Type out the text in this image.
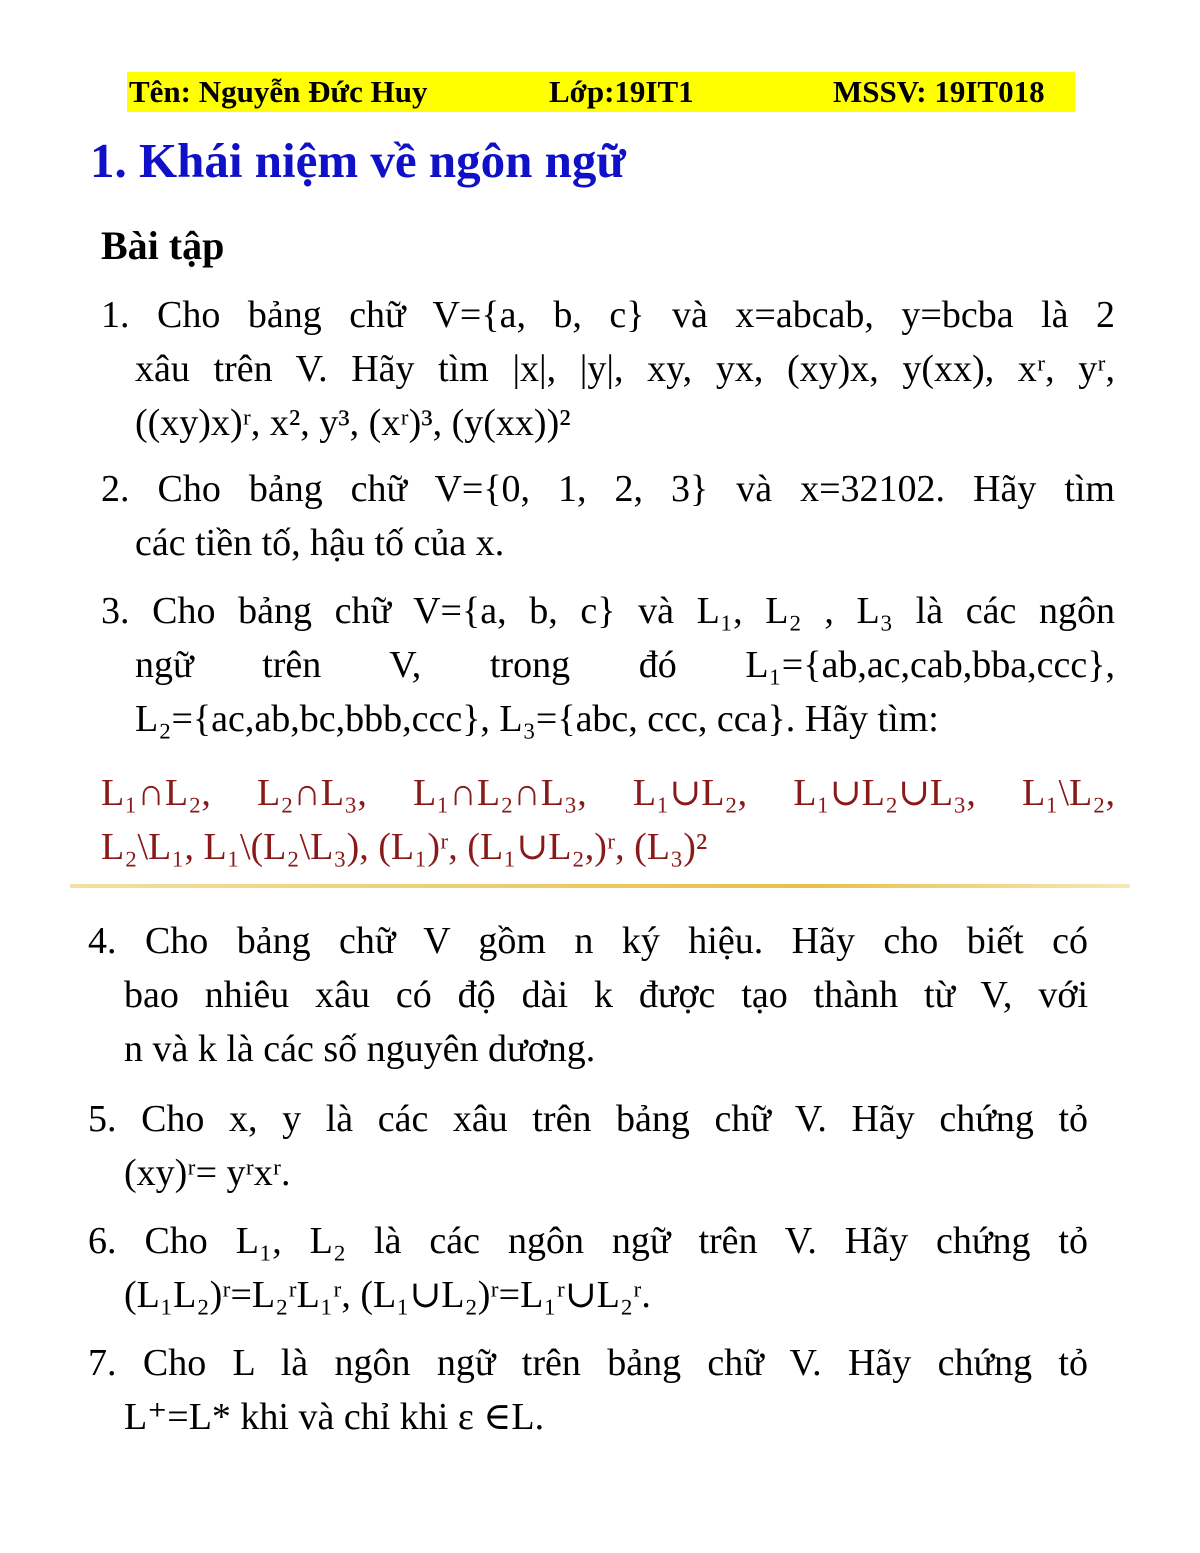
Tên: Nguyễn Đức Huy	Lớp:19IT1	MSSV: 19IT018
1. Khái niệm về ngôn ngữ
Bài tập
1. Cho bảng chữ V={a, b, c} và x=abcab, y=bcba là 2
xâu trên V. Hãy tìm |x|, |y|, xy, yx, (xy)x, y(xx), xʳ, yʳ,
((xy)x)ʳ, x², y³, (xʳ)³, (y(xx))²
2. Cho bảng chữ V={0, 1, 2, 3} và x=32102. Hãy tìm
các tiền tố, hậu tố của x.
3. Cho bảng chữ V={a, b, c} và L₁, L₂ , L₃ là các ngôn
ngữ trên V, trong đó L₁={ab,ac,cab,bba,ccc},
L₂={ac,ab,bc,bbb,ccc}, L₃={abc, ccc, cca}. Hãy tìm:
L₁∩L₂, L₂∩L₃, L₁∩L₂∩L₃, L₁∪L₂, L₁∪L₂∪L₃, L₁\L₂,
L₂\L₁, L₁\(L₂\L₃), (L₁)ʳ, (L₁∪L₂,)ʳ, (L₃)²
4. Cho bảng chữ V gồm n ký hiệu. Hãy cho biết có
bao nhiêu xâu có độ dài k được tạo thành từ V, với
n và k là các số nguyên dương.
5. Cho x, y là các xâu trên bảng chữ V. Hãy chứng tỏ
(xy)ʳ= yʳxʳ.
6. Cho L₁, L₂ là các ngôn ngữ trên V. Hãy chứng tỏ
(L₁L₂)ʳ=L₂ʳL₁ʳ, (L₁∪L₂)ʳ=L₁ʳ∪L₂ʳ.
7. Cho L là ngôn ngữ trên bảng chữ V. Hãy chứng tỏ
L⁺=L* khi và chỉ khi ε ∈L.
